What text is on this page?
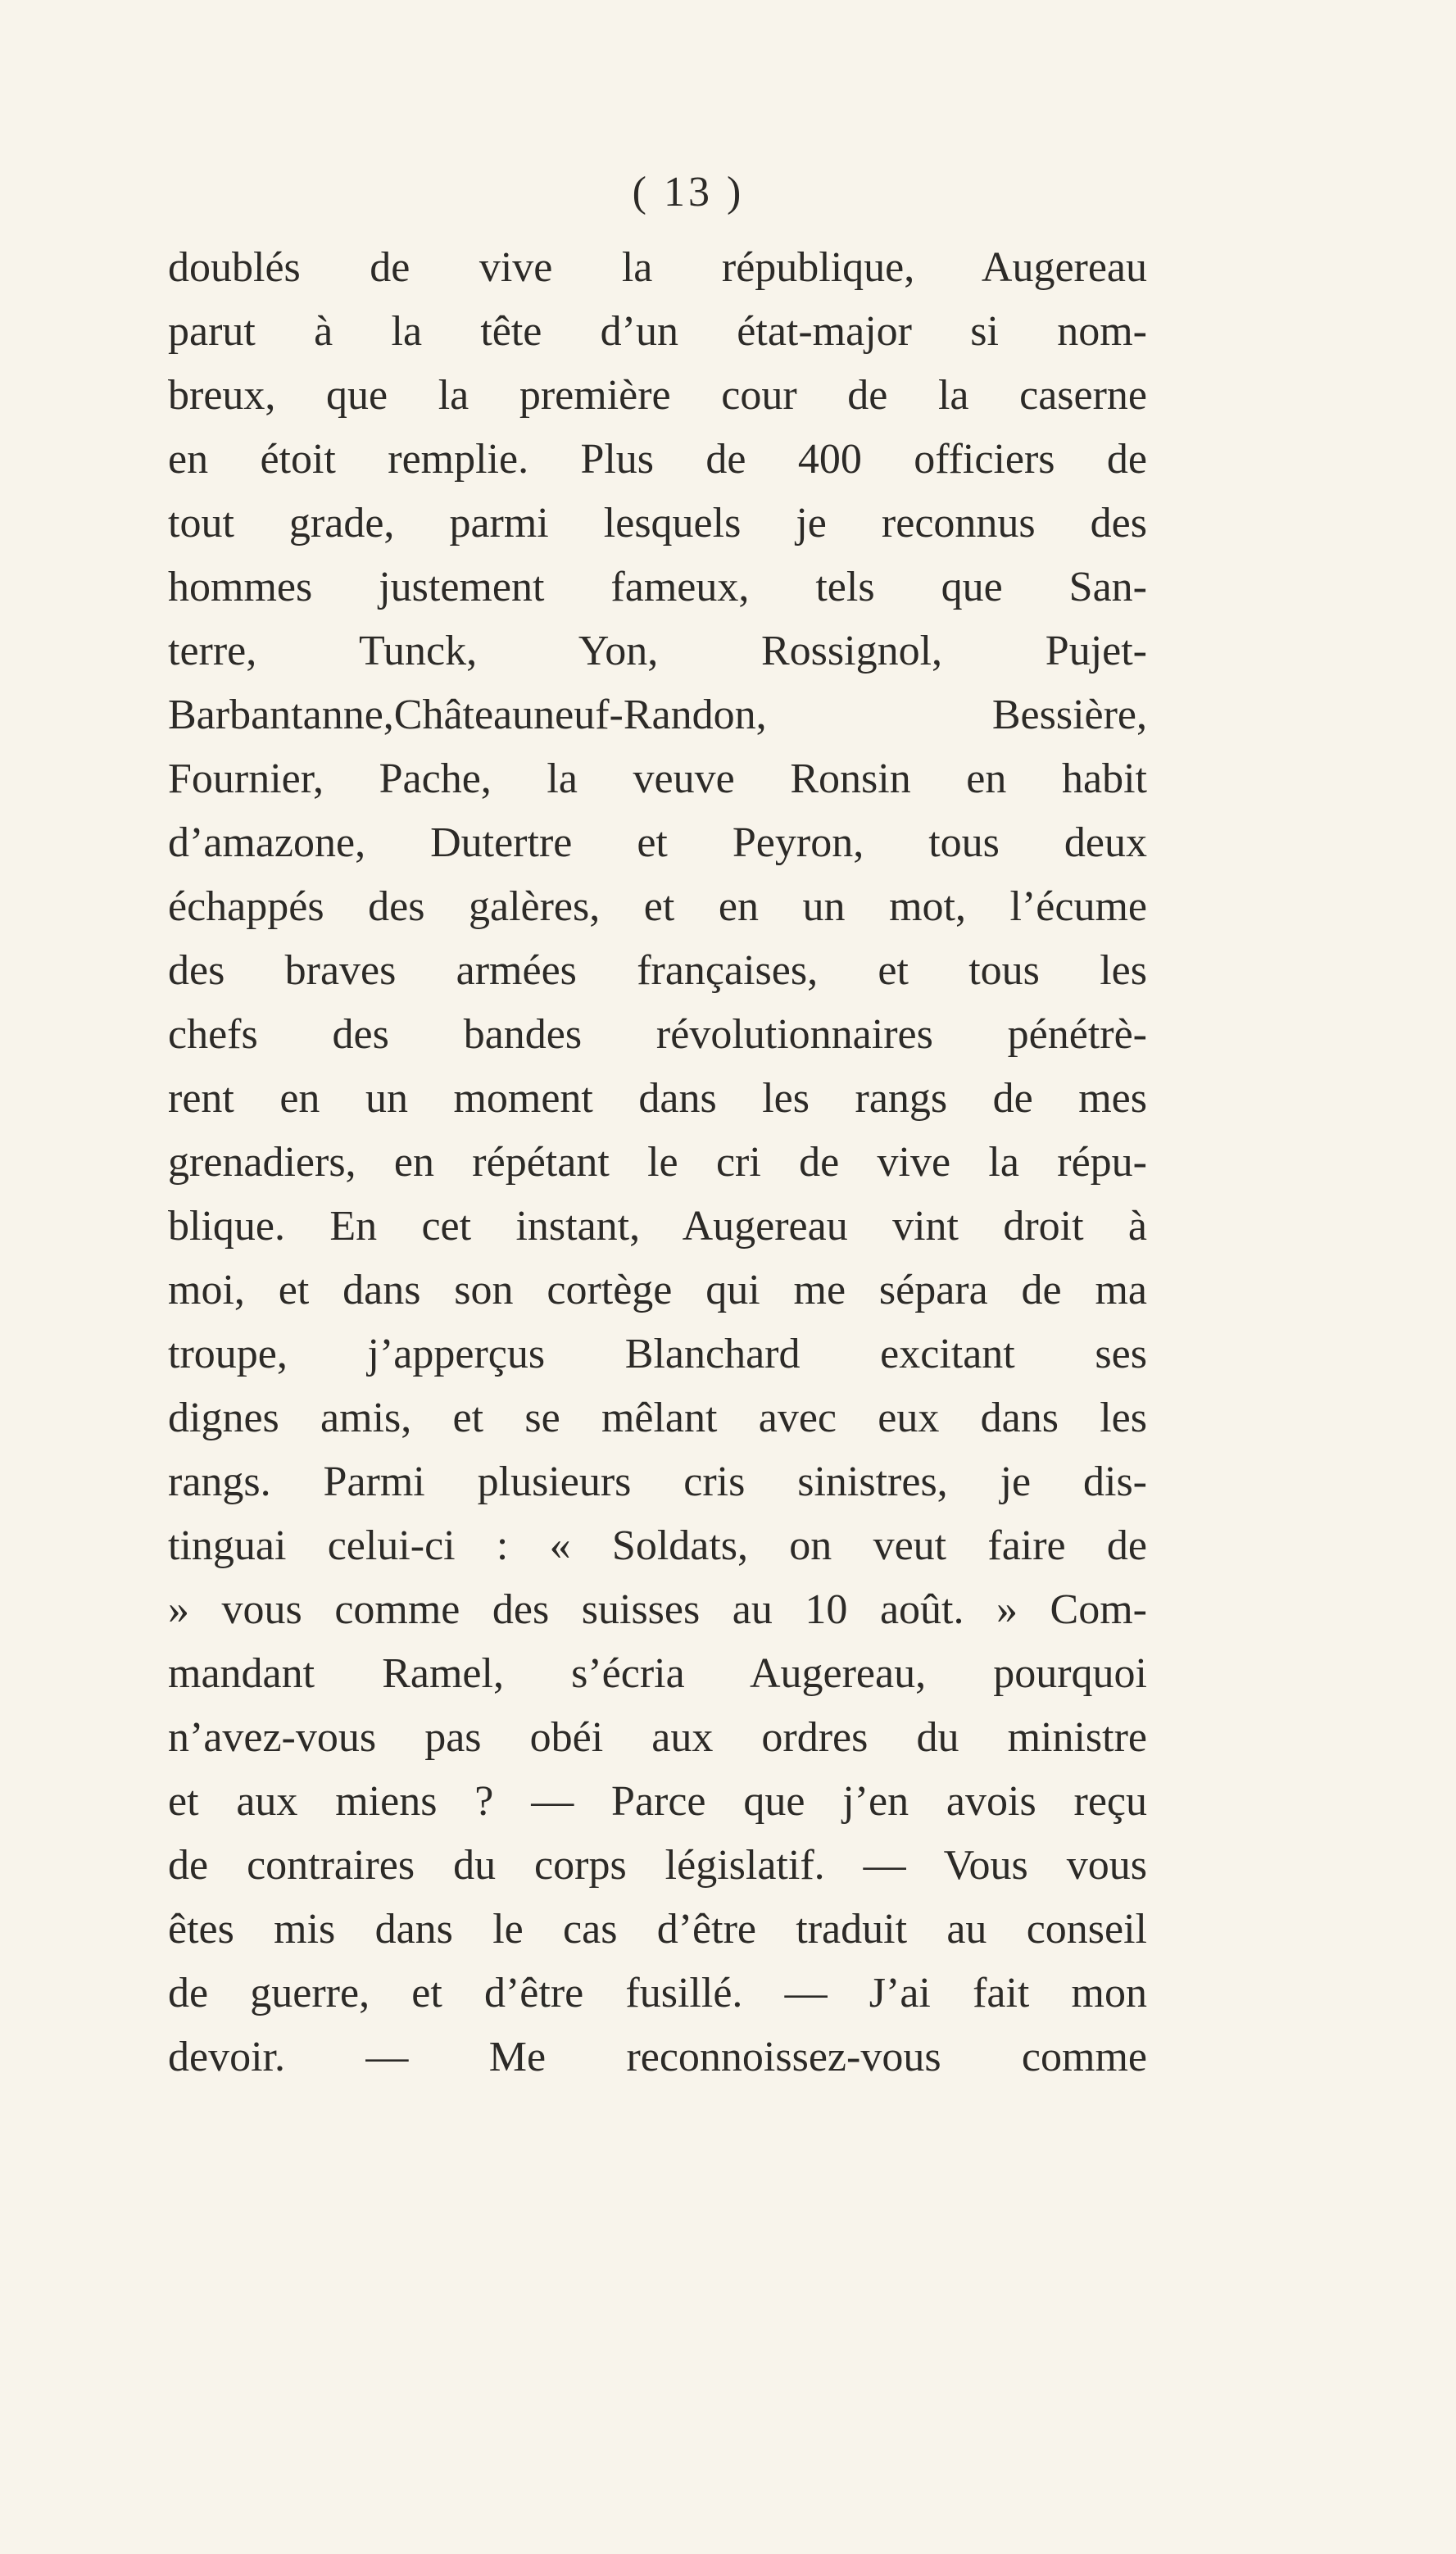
( 13 )
doublés de vive la république, Augereau
parut à la tête d’un état-major si nom-
breux, que la première cour de la caserne
en étoit remplie. Plus de 400 officiers de
tout grade, parmi lesquels je reconnus des
hommes justement fameux, tels que San-
terre, Tunck, Yon, Rossignol, Pujet-
Barbantanne,Châteauneuf-Randon, Bessière,
Fournier, Pache, la veuve Ronsin en habit
d’amazone, Dutertre et Peyron, tous deux
échappés des galères, et en un mot, l’écume
des braves armées françaises, et tous les
chefs des bandes révolutionnaires pénétrè-
rent en un moment dans les rangs de mes
grenadiers, en répétant le cri de vive la répu-
blique. En cet instant, Augereau vint droit à
moi, et dans son cortège qui me sépara de ma
troupe, j’apperçus Blanchard excitant ses
dignes amis, et se mêlant avec eux dans les
rangs. Parmi plusieurs cris sinistres, je dis-
tinguai celui-ci : « Soldats, on veut faire de
» vous comme des suisses au 10 août. » Com-
mandant Ramel, s’écria Augereau, pourquoi
n’avez-vous pas obéi aux ordres du ministre
et aux miens ? — Parce que j’en avois reçu
de contraires du corps législatif. — Vous vous
êtes mis dans le cas d’être traduit au conseil
de guerre, et d’être fusillé. — J’ai fait mon
devoir. — Me reconnoissez-vous comme
